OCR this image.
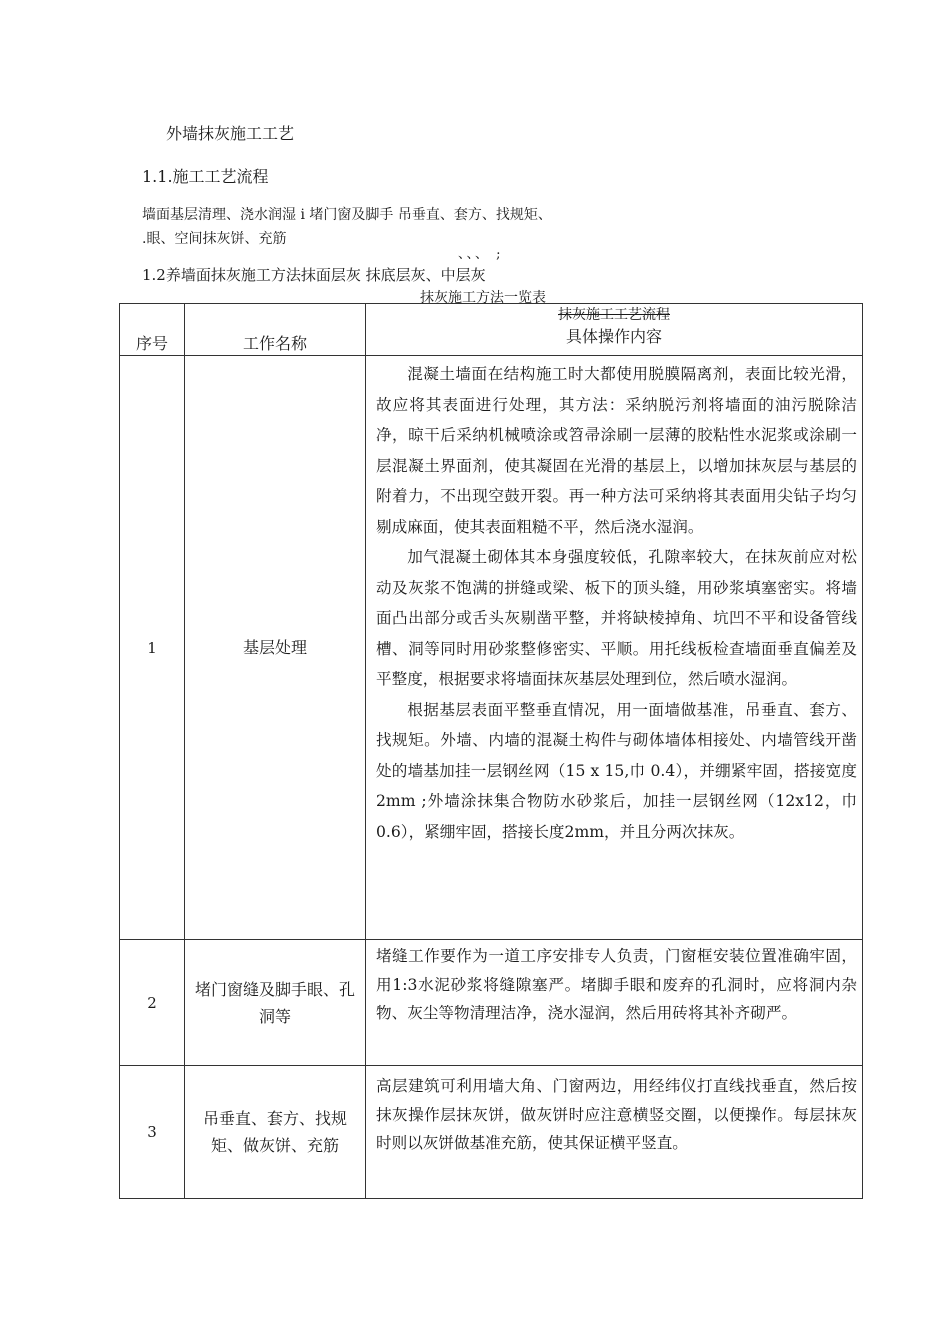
外墙抹灰施工工艺
1.1.施工工艺流程
墙面基层清理、浇水润湿 i 堵门窗及脚手 吊垂直、套方、找规矩、
.眼、空间抹灰饼、充筋
、、、 ;
1.2养墙面抹灰施工方法抹面层灰 抹底层灰、中层灰
抹灰施工方法一览表
序号	工作名称	抹灰施工工艺流程
具体操作内容

1	基层处理	混凝土墙面在结构施工时大都使用脱膜隔离剂，表面比较光滑，故应将其表面进行处理，其方法：采纳脱污剂将墙面的油污脱除洁净，晾干后采纳机械喷涂或笤帚涂刷一层薄的胶粘性水泥浆或涂刷一层混凝土界面剂，使其凝固在光滑的基层上，以增加抹灰层与基层的附着力，不出现空鼓开裂。再一种方法可采纳将其表面用尖钻子均匀剔成麻面，使其表面粗糙不平，然后浇水湿润。

加气混凝土砌体其本身强度较低，孔隙率较大，在抹灰前应对松动及灰浆不饱满的拼缝或梁、板下的顶头缝，用砂浆填塞密实。将墙面凸出部分或舌头灰剔凿平整，并将缺棱掉角、坑凹不平和设备管线槽、洞等同时用砂浆整修密实、平顺。用托线板检查墙面垂直偏差及平整度，根据要求将墙面抹灰基层处理到位，然后喷水湿润。

根据基层表面平整垂直情况，用一面墙做基准，吊垂直、套方、找规矩。外墙、内墙的混凝土构件与砌体墙体相接处、内墙管线开凿处的墙基加挂一层钢丝网（15 x 15,巾 0.4），并绷紧牢固，搭接宽度2mm ;外墙涂抹集合物防水砂浆后，加挂一层钢丝网（12x12，巾0.6），紧绷牢固，搭接长度2mm，并且分两次抹灰。

2	堵门窗缝及脚手眼、孔洞等	堵缝工作要作为一道工序安排专人负责，门窗框安装位置准确牢固，用1:3水泥砂浆将缝隙塞严。堵脚手眼和废弃的孔洞时，应将洞内杂物、灰尘等物清理洁净，浇水湿润，然后用砖将其补齐砌严。

3	吊垂直、套方、找规矩、做灰饼、充筋	高层建筑可利用墙大角、门窗两边，用经纬仪打直线找垂直，然后按抹灰操作层抹灰饼，做灰饼时应注意横竖交圈，以便操作。每层抹灰时则以灰饼做基准充筋，使其保证横平竖直。
